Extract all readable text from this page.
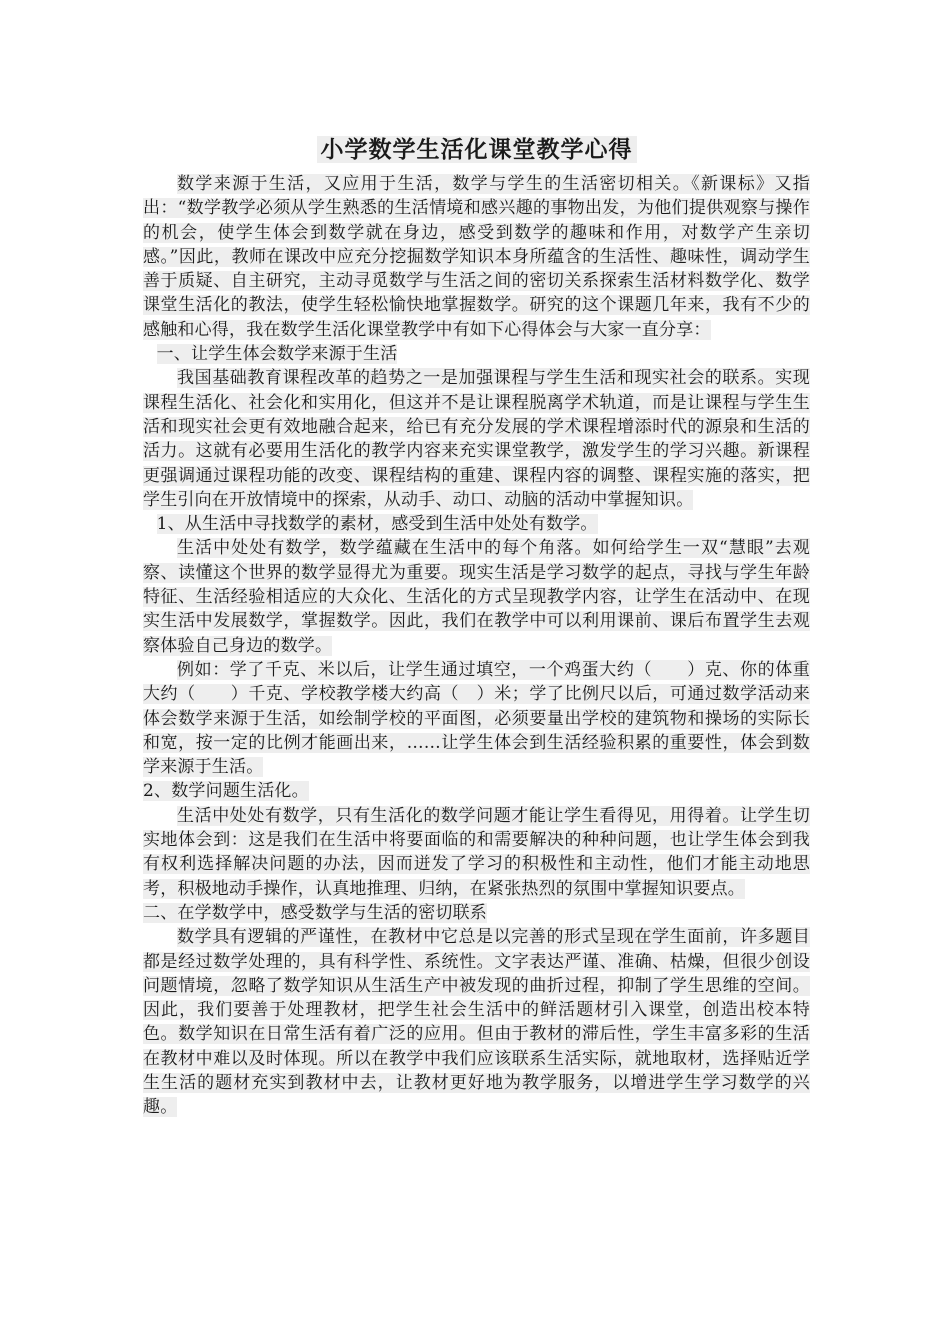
小学数学生活化课堂教学心得

数学来源于生活，又应用于生活，数学与学生的生活密切相关。《新课标》又指出：“数学教学必须从学生熟悉的生活情境和感兴趣的事物出发，为他们提供观察与操作的机会，使学生体会到数学就在身边，感受到数学的趣味和作用，对数学产生亲切感。”因此，教师在课改中应充分挖掘数学知识本身所蕴含的生活性、趣味性，调动学生善于质疑、自主研究，主动寻觅数学与生活之间的密切关系探索生活材料数学化、数学课堂生活化的教法，使学生轻松愉快地掌握数学。研究的这个课题几年来，我有不少的感触和心得，我在数学生活化课堂教学中有如下心得体会与大家一直分享：

一、让学生体会数学来源于生活

我国基础教育课程改革的趋势之一是加强课程与学生生活和现实社会的联系。实现课程生活化、社会化和实用化，但这并不是让课程脱离学术轨道，而是让课程与学生生活和现实社会更有效地融合起来，给已有充分发展的学术课程增添时代的源泉和生活的活力。这就有必要用生活化的教学内容来充实课堂教学，激发学生的学习兴趣。新课程更强调通过课程功能的改变、课程结构的重建、课程内容的调整、课程实施的落实，把学生引向在开放情境中的探索，从动手、动口、动脑的活动中掌握知识。

1、从生活中寻找数学的素材，感受到生活中处处有数学。

生活中处处有数学，数学蕴藏在生活中的每个角落。如何给学生一双“慧眼”去观察、读懂这个世界的数学显得尤为重要。现实生活是学习数学的起点，寻找与学生年龄特征、生活经验相适应的大众化、生活化的方式呈现教学内容，让学生在活动中、在现实生活中发展数学，掌握数学。因此，我们在教学中可以利用课前、课后布置学生去观察体验自己身边的数学。

例如：学了千克、米以后，让学生通过填空，一个鸡蛋大约（　　）克、你的体重大约（　　）千克、学校教学楼大约高（　）米；学了比例尺以后，可通过数学活动来体会数学来源于生活，如绘制学校的平面图，必须要量出学校的建筑物和操场的实际长和宽，按一定的比例才能画出来，……让学生体会到生活经验积累的重要性，体会到数学来源于生活。

2、数学问题生活化。

生活中处处有数学，只有生活化的数学问题才能让学生看得见，用得着。让学生切实地体会到：这是我们在生活中将要面临的和需要解决的种种问题，也让学生体会到我有权利选择解决问题的办法，因而迸发了学习的积极性和主动性，他们才能主动地思考，积极地动手操作，认真地推理、归纳，在紧张热烈的氛围中掌握知识要点。

二、在学数学中，感受数学与生活的密切联系

数学具有逻辑的严谨性，在教材中它总是以完善的形式呈现在学生面前，许多题目都是经过数学处理的，具有科学性、系统性。文字表达严谨、准确、枯燥，但很少创设问题情境，忽略了数学知识从生活生产中被发现的曲折过程，抑制了学生思维的空间。因此，我们要善于处理教材，把学生社会生活中的鲜活题材引入课堂，创造出校本特色。数学知识在日常生活有着广泛的应用。但由于教材的滞后性，学生丰富多彩的生活在教材中难以及时体现。所以在教学中我们应该联系生活实际，就地取材，选择贴近学生生活的题材充实到教材中去，让教材更好地为教学服务，以增进学生学习数学的兴趣。
